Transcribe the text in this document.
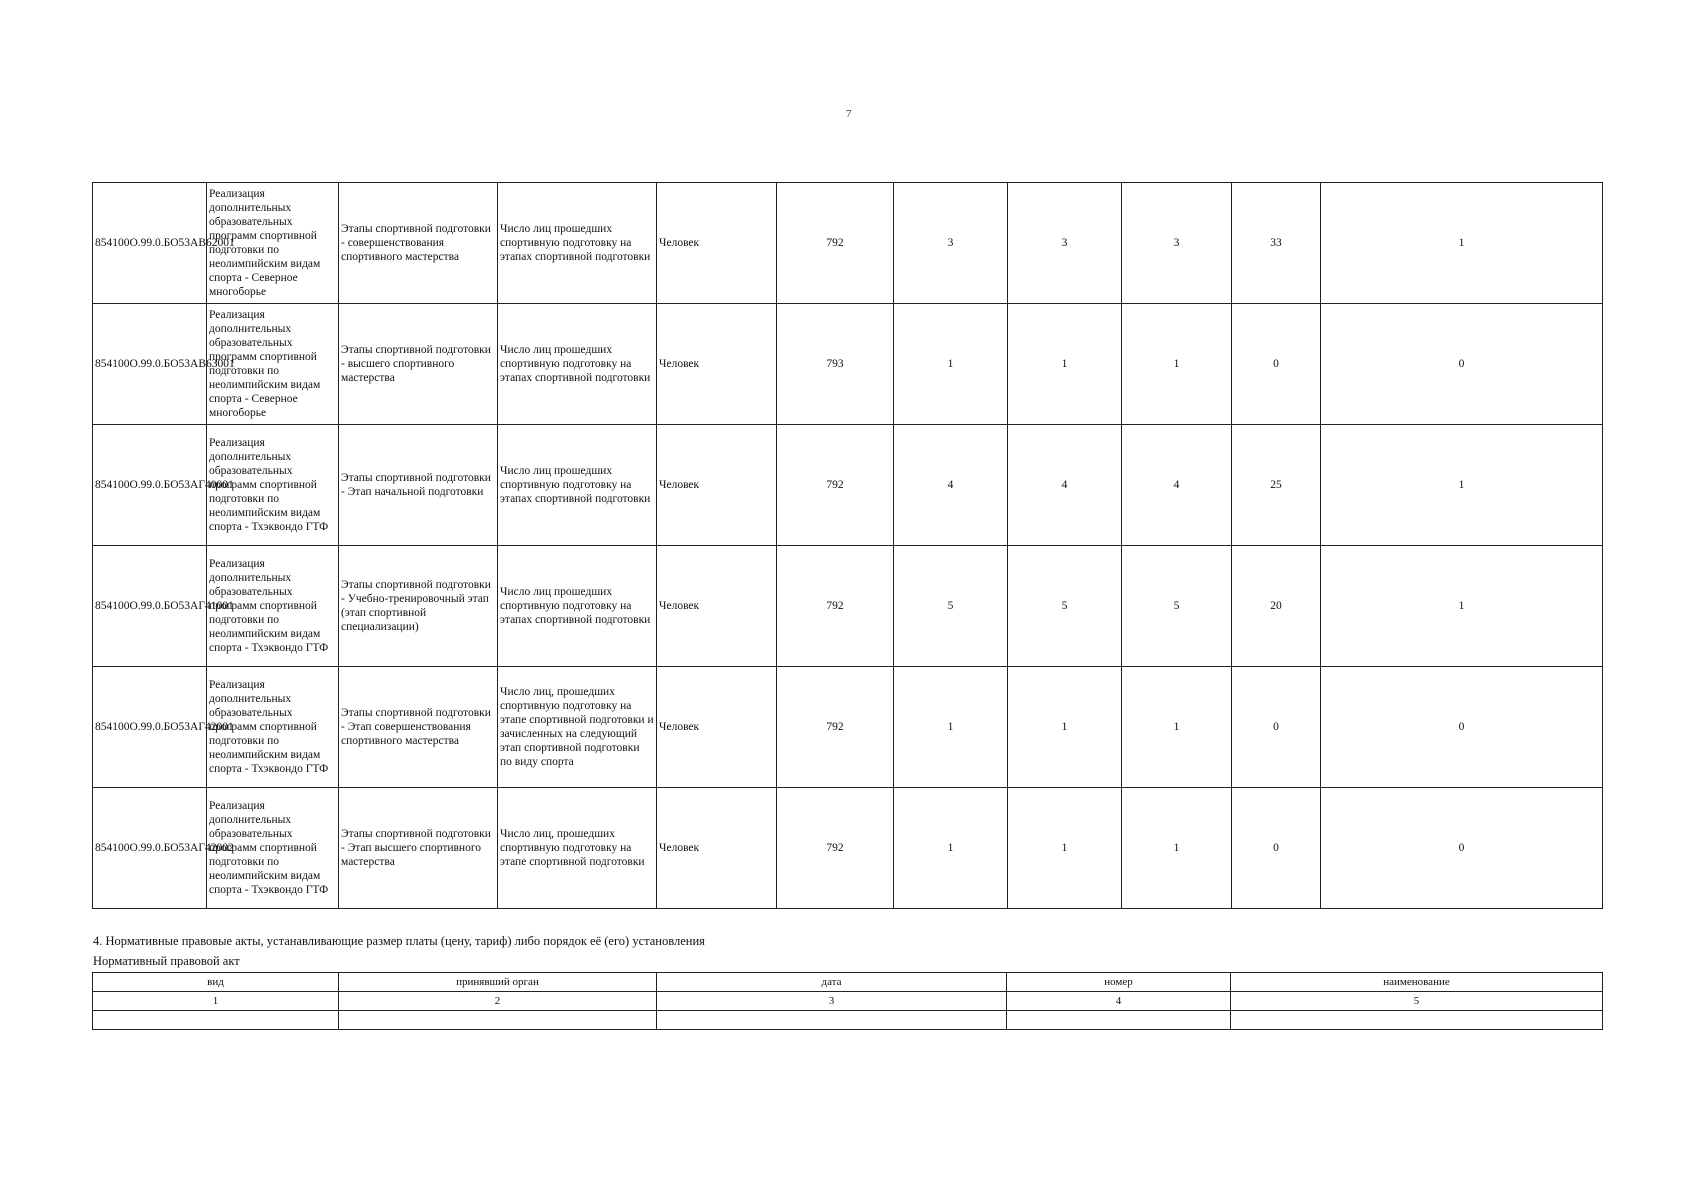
7
854100О.99.0.БО53АВ62001	Реализация дополнительных образовательных программ спортивной подготовки по неолимпийским видам спорта - Северное многоборье	Этапы спортивной подготовки - совершенствования спортивного мастерства	Число лиц прошедших спортивную подготовку на этапах спортивной подготовки	Человек	792	3	3	3	33	1
854100О.99.0.БО53АВ63001	Реализация дополнительных образовательных программ спортивной подготовки по неолимпийским видам спорта - Северное многоборье	Этапы спортивной подготовки - высшего спортивного мастерства	Число лиц прошедших спортивную подготовку на этапах спортивной подготовки	Человек	793	1	1	1	0	0
854100О.99.0.БО53АГ40001	Реализация дополнительных образовательных программ спортивной подготовки по неолимпийским видам спорта - Тхэквондо ГТФ	Этапы спортивной подготовки - Этап начальной подготовки	Число лиц прошедших спортивную подготовку на этапах спортивной подготовки	Человек	792	4	4	4	25	1
854100О.99.0.БО53АГ41001	Реализация дополнительных образовательных программ спортивной подготовки по неолимпийским видам спорта - Тхэквондо ГТФ	Этапы спортивной подготовки - Учебно-тренировочный этап (этап спортивной специализации)	Число лиц прошедших спортивную подготовку на этапах спортивной подготовки	Человек	792	5	5	5	20	1
854100О.99.0.БО53АГ42001	Реализация дополнительных образовательных программ спортивной подготовки по неолимпийским видам спорта - Тхэквондо ГТФ	Этапы спортивной подготовки - Этап совершенствования спортивного мастерства	Число лиц, прошедших спортивную подготовку на этапе спортивной подготовки и зачисленных на следующий этап спортивной подготовки по виду спорта	Человек	792	1	1	1	0	0
854100О.99.0.БО53АГ42002	Реализация дополнительных образовательных программ спортивной подготовки по неолимпийским видам спорта - Тхэквондо ГТФ	Этапы спортивной подготовки - Этап высшего спортивного мастерства	Число лиц, прошедших спортивную подготовку на этапе спортивной подготовки	Человек	792	1	1	1	0	0
4. Нормативные правовые акты, устанавливающие размер платы (цену, тариф) либо порядок её (его) установления
Нормативный правовой акт
вид	принявший орган	дата	номер	наименование
1	2	3	4	5
